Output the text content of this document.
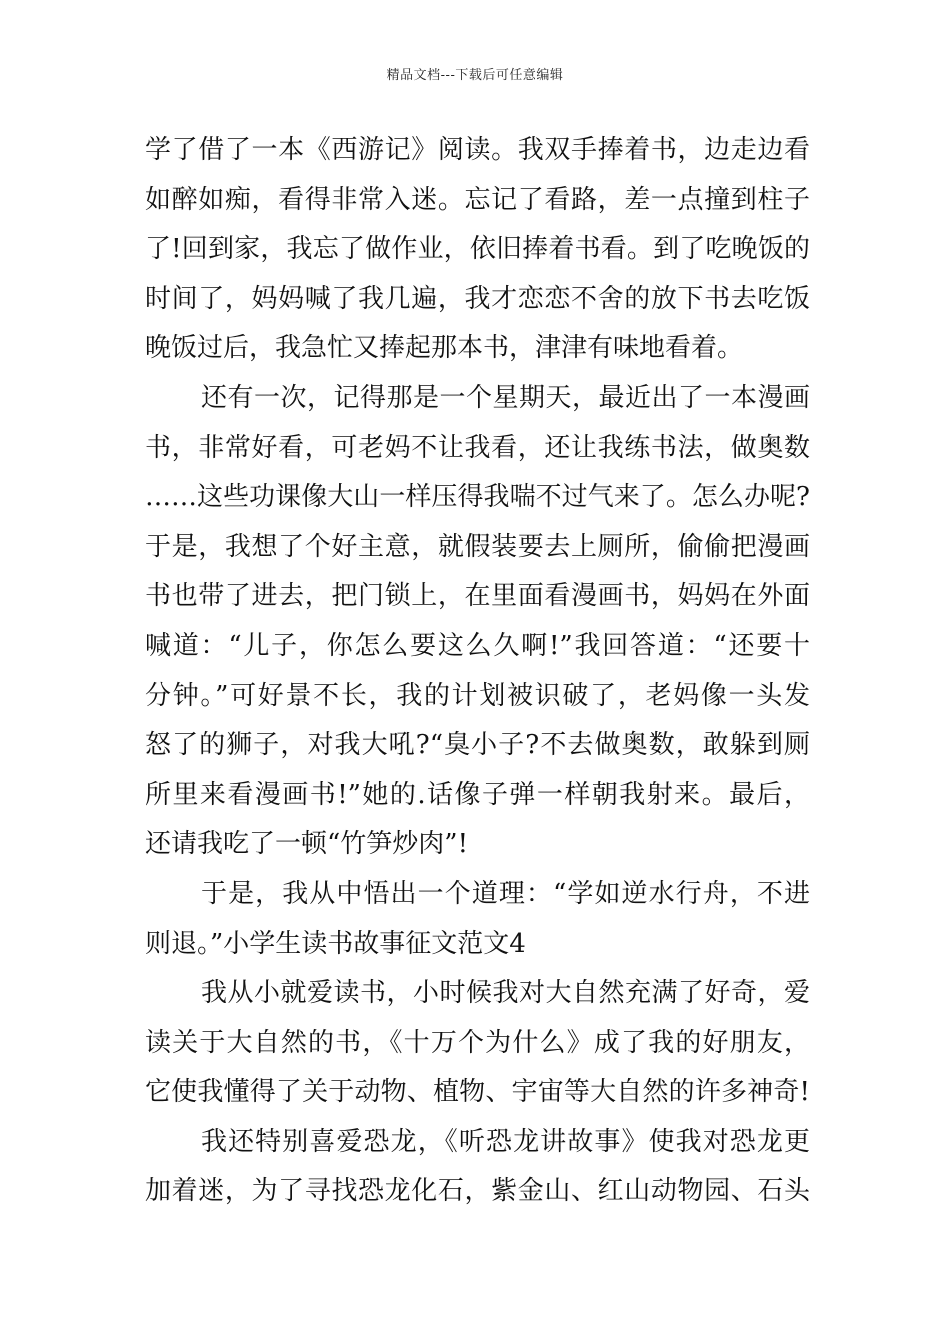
精品文档---下载后可任意编辑
学了借了一本《西游记》阅读。我双手捧着书，边走边看
如醉如痴，看得非常入迷。忘记了看路，差一点撞到柱子
了!回到家，我忘了做作业，依旧捧着书看。到了吃晚饭的
时间了，妈妈喊了我几遍，我才恋恋不舍的放下书去吃饭
晚饭过后，我急忙又捧起那本书，津津有味地看着。
还有一次，记得那是一个星期天，最近出了一本漫画
书，非常好看，可老妈不让我看，还让我练书法，做奥数
……这些功课像大山一样压得我喘不过气来了。怎么办呢?
于是，我想了个好主意，就假装要去上厕所，偷偷把漫画
书也带了进去，把门锁上，在里面看漫画书，妈妈在外面
喊道：“儿子，你怎么要这么久啊!”我回答道：“还要十
分钟。”可好景不长，我的计划被识破了，老妈像一头发
怒了的狮子，对我大吼?“臭小子?不去做奥数，敢躲到厕
所里来看漫画书!”她的.话像子弹一样朝我射来。最后，
还请我吃了一顿“竹笋炒肉”!
于是，我从中悟出一个道理：“学如逆水行舟，不进
则退。”小学生读书故事征文范文4
我从小就爱读书，小时候我对大自然充满了好奇，爱
读关于大自然的书，《十万个为什么》成了我的好朋友，
它使我懂得了关于动物、植物、宇宙等大自然的许多神奇!
我还特别喜爱恐龙，《听恐龙讲故事》使我对恐龙更
加着迷，为了寻找恐龙化石，紫金山、红山动物园、石头
